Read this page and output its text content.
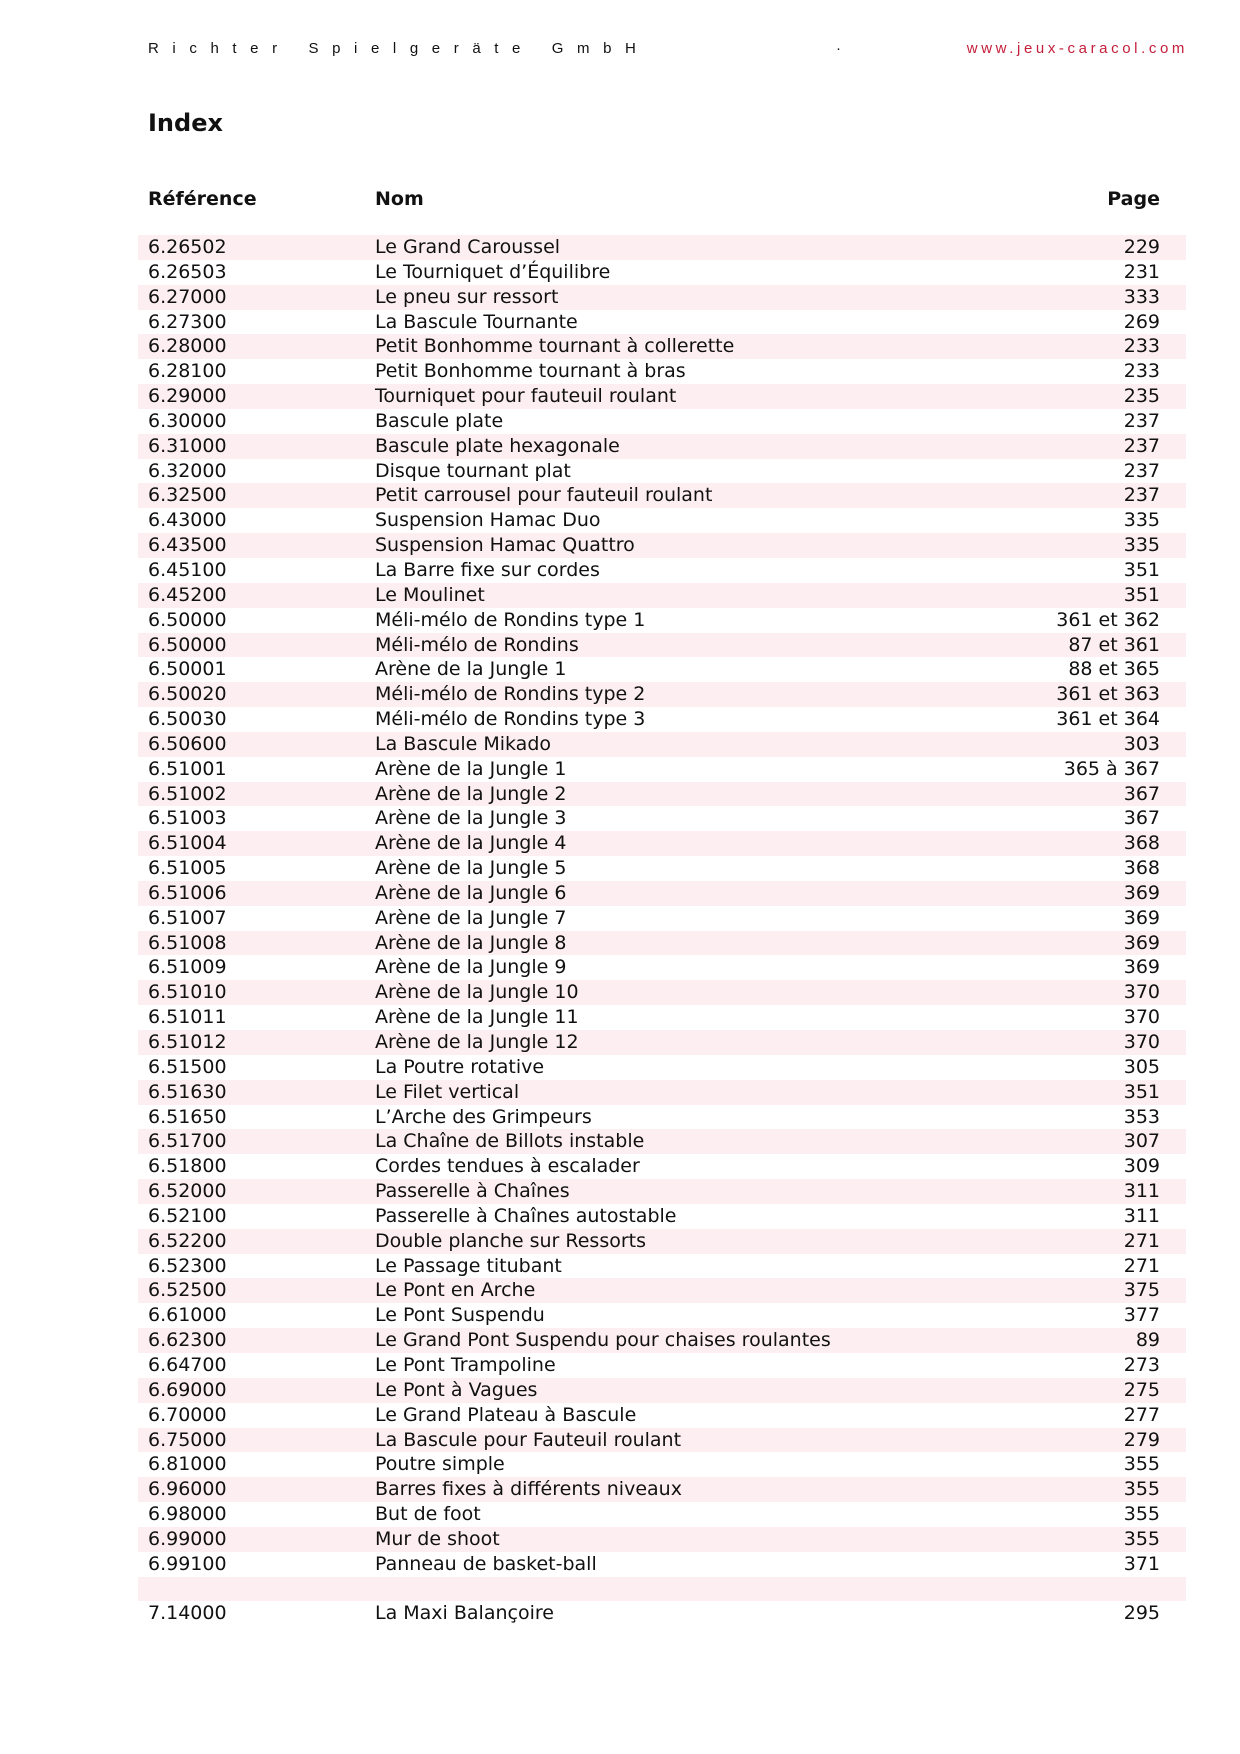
Richter Spielgeräte GmbH	·	www.jeux-caracol.com
Index
Référence	Nom	Page
6.26502	Le Grand Caroussel	229
6.26503	Le Tourniquet d’Équilibre	231
6.27000	Le pneu sur ressort	333
6.27300	La Bascule Tournante	269
6.28000	Petit Bonhomme tournant à collerette	233
6.28100	Petit Bonhomme tournant à bras	233
6.29000	Tourniquet pour fauteuil roulant	235
6.30000	Bascule plate	237
6.31000	Bascule plate hexagonale	237
6.32000	Disque tournant plat	237
6.32500	Petit carrousel pour fauteuil roulant	237
6.43000	Suspension Hamac Duo	335
6.43500	Suspension Hamac Quattro	335
6.45100	La Barre fixe sur cordes	351
6.45200	Le Moulinet	351
6.50000	Méli-mélo de Rondins type 1	361 et 362
6.50000	Méli-mélo de Rondins	87 et 361
6.50001	Arène de la Jungle 1	88 et 365
6.50020	Méli-mélo de Rondins type 2	361 et 363
6.50030	Méli-mélo de Rondins type 3	361 et 364
6.50600	La Bascule Mikado	303
6.51001	Arène de la Jungle 1	365 à 367
6.51002	Arène de la Jungle 2	367
6.51003	Arène de la Jungle 3	367
6.51004	Arène de la Jungle 4	368
6.51005	Arène de la Jungle 5	368
6.51006	Arène de la Jungle 6	369
6.51007	Arène de la Jungle 7	369
6.51008	Arène de la Jungle 8	369
6.51009	Arène de la Jungle 9	369
6.51010	Arène de la Jungle 10	370
6.51011	Arène de la Jungle 11	370
6.51012	Arène de la Jungle 12	370
6.51500	La Poutre rotative	305
6.51630	Le Filet vertical	351
6.51650	L’Arche des Grimpeurs	353
6.51700	La Chaîne de Billots instable	307
6.51800	Cordes tendues à escalader	309
6.52000	Passerelle à Chaînes	311
6.52100	Passerelle à Chaînes autostable	311
6.52200	Double planche sur Ressorts	271
6.52300	Le Passage titubant	271
6.52500	Le Pont en Arche	375
6.61000	Le Pont Suspendu	377
6.62300	Le Grand Pont Suspendu pour chaises roulantes	89
6.64700	Le Pont Trampoline	273
6.69000	Le Pont à Vagues	275
6.70000	Le Grand Plateau à Bascule	277
6.75000	La Bascule pour Fauteuil roulant	279
6.81000	Poutre simple	355
6.96000	Barres fixes à différents niveaux	355
6.98000	But de foot	355
6.99000	Mur de shoot	355
6.99100	Panneau de basket-ball	371
7.14000	La Maxi Balançoire	295
